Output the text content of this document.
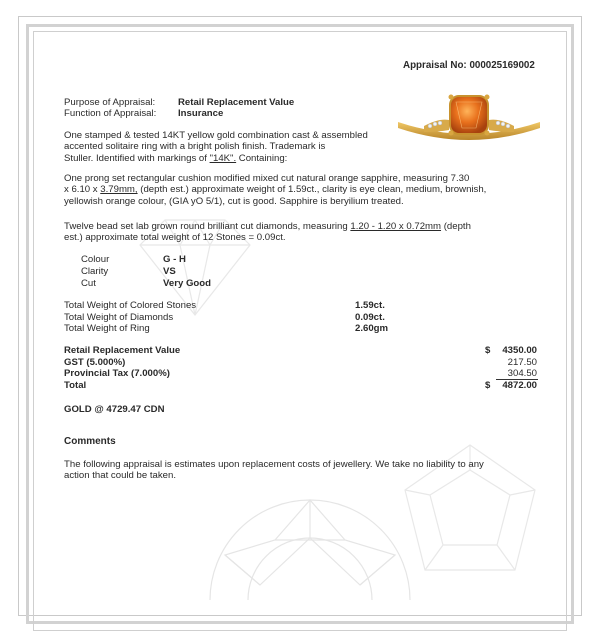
Appraisal No: 000025169002
Purpose of Appraisal: Retail Replacement Value
Function of Appraisal: Insurance
One stamped & tested 14KT yellow gold combination cast & assembled
accented solitaire ring with a bright polish finish. Trademark is
Stuller. Identified with markings of "14K". Containing:
One prong set rectangular cushion modified mixed cut natural orange sapphire, measuring 7.30
x 6.10 x 3.79mm, (depth est.) approximate weight of 1.59ct., clarity is eye clean, medium, brownish,
yellowish orange colour, (GIA yO 5/1), cut is good. Sapphire is beryilium treated.
Twelve bead set lab grown round brilliant cut diamonds, measuring 1.20 - 1.20 x 0.72mm (depth
est.) approximate total weight of 12 Stones = 0.09ct.
Colour	G - H
Clarity	VS
Cut	Very Good
Total Weight of Colored Stones	1.59ct.
Total Weight of Diamonds	0.09ct.
Total Weight of Ring	2.60gm
Retail Replacement Value	$ 4350.00
GST (5.000%)	217.50
Provincial Tax (7.000%)	304.50
Total	$ 4872.00
GOLD @ 4729.47 CDN
Comments
The following appraisal is estimates upon replacement costs of jewellery. We take no liability to any
action that could be taken.
